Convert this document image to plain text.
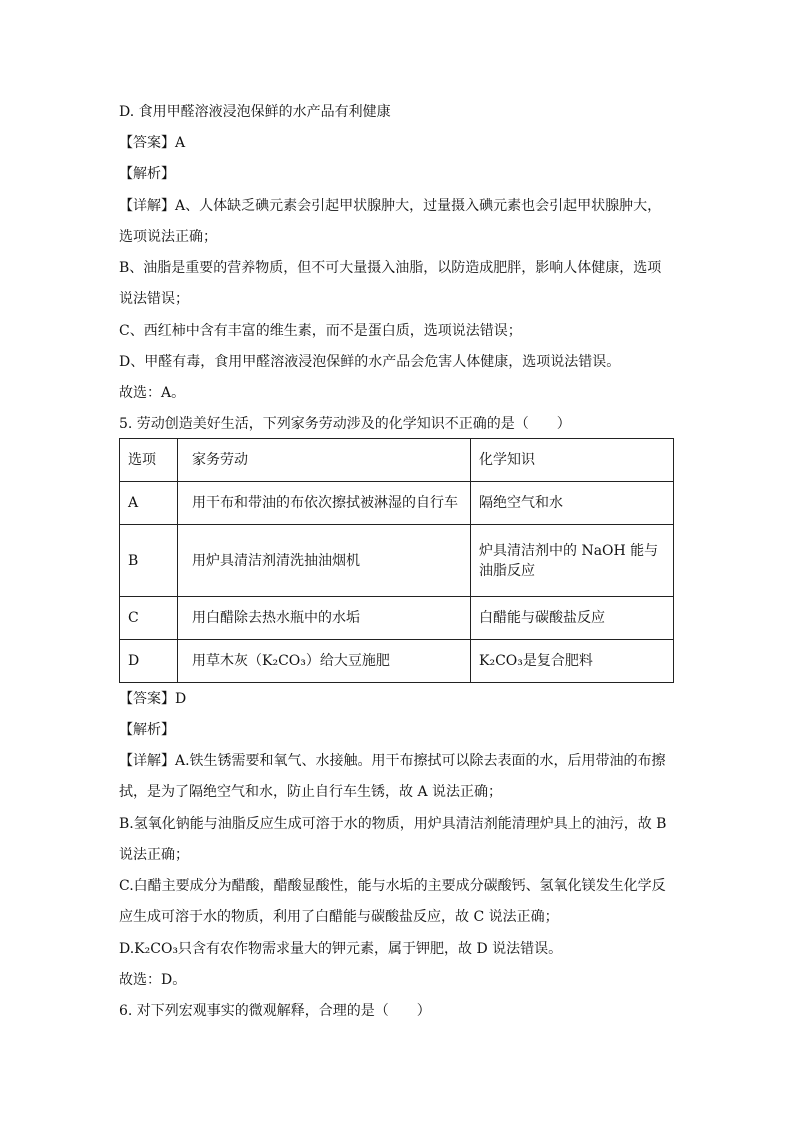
D. 食用甲醛溶液浸泡保鲜的水产品有利健康
【答案】A
【解析】
【详解】A、人体缺乏碘元素会引起甲状腺肿大，过量摄入碘元素也会引起甲状腺肿大，
选项说法正确；
B、油脂是重要的营养物质，但不可大量摄入油脂，以防造成肥胖，影响人体健康，选项
说法错误；
C、西红柿中含有丰富的维生素，而不是蛋白质，选项说法错误；
D、甲醛有毒，食用甲醛溶液浸泡保鲜的水产品会危害人体健康，选项说法错误。
故选：A。
5. 劳动创造美好生活，下列家务劳动涉及的化学知识不正确的是（　　）
选项	家务劳动	化学知识
A	用干布和带油的布依次擦拭被淋湿的自行车	隔绝空气和水
B	用炉具清洁剂清洗抽油烟机	炉具清洁剂中的 NaOH 能与油脂反应
C	用白醋除去热水瓶中的水垢	白醋能与碳酸盐反应
D	用草木灰（K₂CO₃）给大豆施肥	K₂CO₃是复合肥料
【答案】D
【解析】
【详解】A.铁生锈需要和氧气、水接触。用干布擦拭可以除去表面的水，后用带油的布擦
拭，是为了隔绝空气和水，防止自行车生锈，故 A 说法正确；
B.氢氧化钠能与油脂反应生成可溶于水的物质，用炉具清洁剂能清理炉具上的油污，故 B
说法正确；
C.白醋主要成分为醋酸，醋酸显酸性，能与水垢的主要成分碳酸钙、氢氧化镁发生化学反
应生成可溶于水的物质，利用了白醋能与碳酸盐反应，故 C 说法正确；
D.K₂CO₃只含有农作物需求量大的钾元素，属于钾肥，故 D 说法错误。
故选：D。
6. 对下列宏观事实的微观解释，合理的是（　　）
